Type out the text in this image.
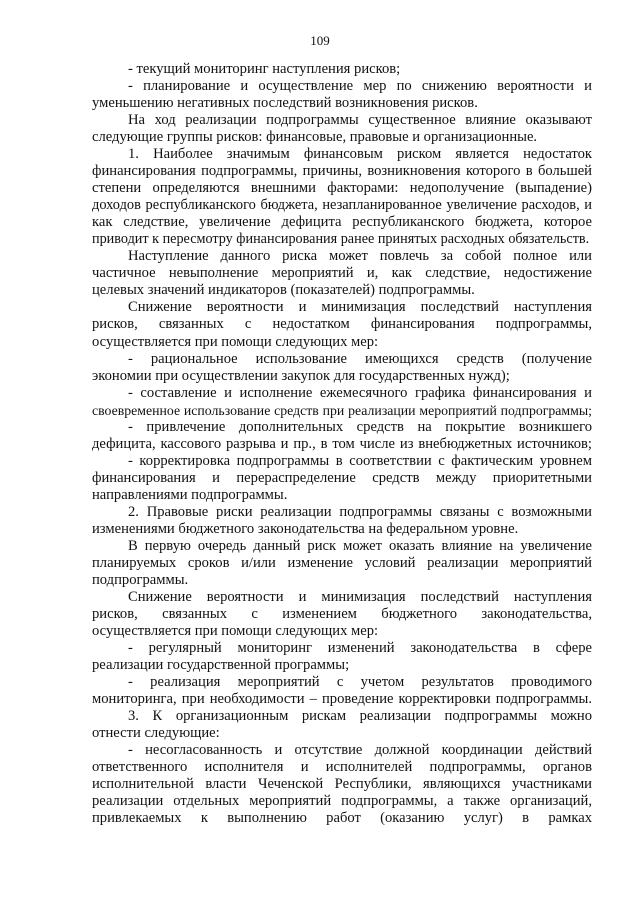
109
- текущий мониторинг наступления рисков;
- планирование и осуществление мер по снижению вероятности и
уменьшению негативных последствий возникновения рисков.
На ход реализации подпрограммы существенное влияние оказывают
следующие группы рисков: финансовые, правовые и организационные.
1. Наиболее значимым финансовым риском является недостаток
финансирования подпрограммы, причины, возникновения которого в большей
степени определяются внешними факторами: недополучение (выпадение)
доходов республиканского бюджета, незапланированное увеличение расходов, и
как следствие, увеличение дефицита республиканского бюджета, которое
приводит к пересмотру финансирования ранее принятых расходных обязательств.
Наступление данного риска может повлечь за собой полное или
частичное невыполнение мероприятий и, как следствие, недостижение
целевых значений индикаторов (показателей) подпрограммы.
Снижение вероятности и минимизация последствий наступления
рисков, связанных с недостатком финансирования подпрограммы,
осуществляется при помощи следующих мер:
- рациональное использование имеющихся средств (получение
экономии при осуществлении закупок для государственных нужд);
- составление и исполнение ежемесячного графика финансирования и
своевременное использование средств при реализации мероприятий подпрограммы;
- привлечение дополнительных средств на покрытие возникшего
дефицита, кассового разрыва и пр., в том числе из внебюджетных источников;
- корректировка подпрограммы в соответствии с фактическим уровнем
финансирования и перераспределение средств между приоритетными
направлениями подпрограммы.
2. Правовые риски реализации подпрограммы связаны с возможными
изменениями бюджетного законодательства на федеральном уровне.
В первую очередь данный риск может оказать влияние на увеличение
планируемых сроков и/или изменение условий реализации мероприятий
подпрограммы.
Снижение вероятности и минимизация последствий наступления
рисков, связанных с изменением бюджетного законодательства,
осуществляется при помощи следующих мер:
- регулярный мониторинг изменений законодательства в сфере
реализации государственной программы;
- реализация мероприятий с учетом результатов проводимого
мониторинга, при необходимости – проведение корректировки подпрограммы.
3. К организационным рискам реализации подпрограммы можно
отнести следующие:
- несогласованность и отсутствие должной координации действий
ответственного исполнителя и исполнителей подпрограммы, органов
исполнительной власти Чеченской Республики, являющихся участниками
реализации отдельных мероприятий подпрограммы, а также организаций,
привлекаемых к выполнению работ (оказанию услуг) в рамках
